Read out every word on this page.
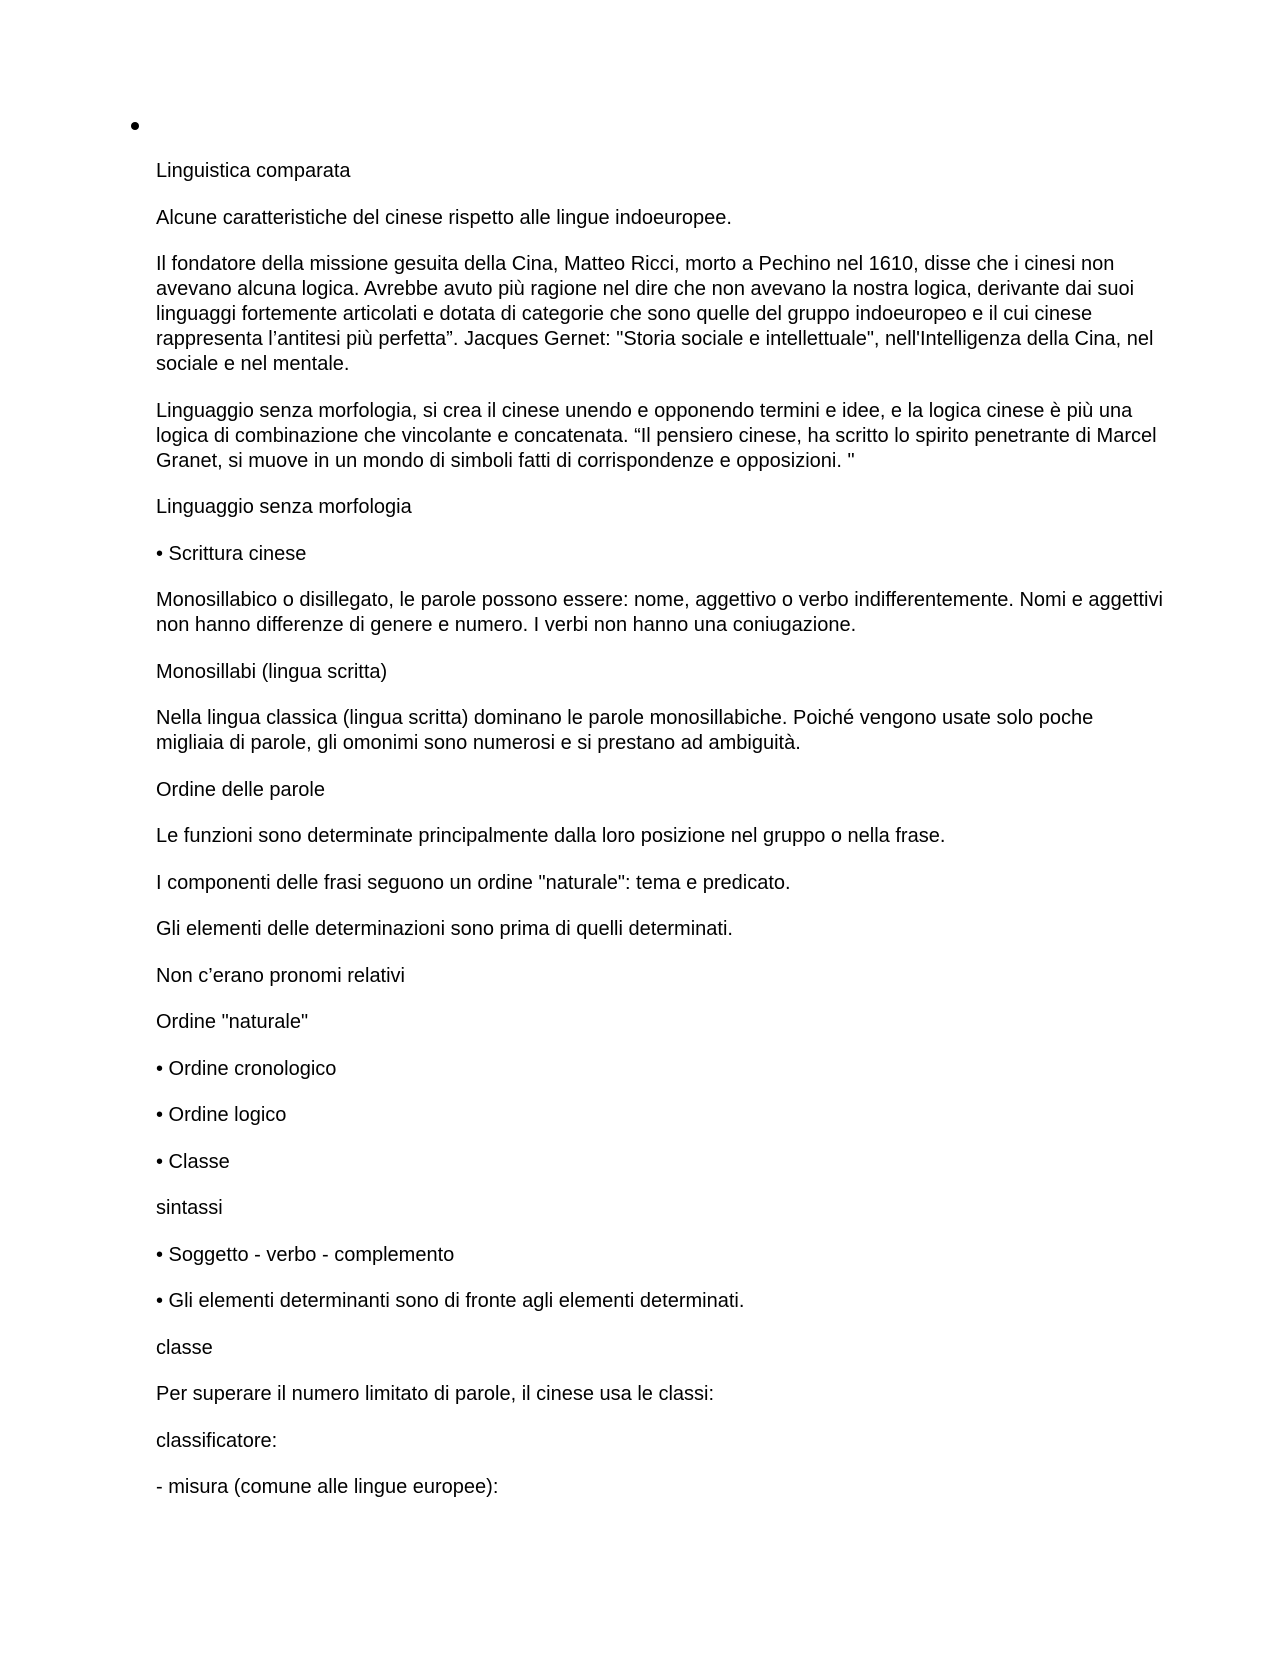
Linguistica comparata

Alcune caratteristiche del cinese rispetto alle lingue indoeuropee.

Il fondatore della missione gesuita della Cina, Matteo Ricci, morto a Pechino nel 1610, disse che i cinesi non avevano alcuna logica. Avrebbe avuto più ragione nel dire che non avevano la nostra logica, derivante dai suoi linguaggi fortemente articolati e dotata di categorie che sono quelle del gruppo indoeuropeo e il cui cinese rappresenta l’antitesi più perfetta”. Jacques Gernet: "Storia sociale e intellettuale", nell'Intelligenza della Cina, nel sociale e nel mentale.

Linguaggio senza morfologia, si crea il cinese unendo e opponendo termini e idee, e la logica cinese è più una logica di combinazione che vincolante e concatenata. “Il pensiero cinese, ha scritto lo spirito penetrante di Marcel Granet, si muove in un mondo di simboli fatti di corrispondenze e opposizioni. "

Linguaggio senza morfologia

• Scrittura cinese

Monosillabico o disillegato, le parole possono essere: nome, aggettivo o verbo indifferentemente. Nomi e aggettivi non hanno differenze di genere e numero. I verbi non hanno una coniugazione.

Monosillabi (lingua scritta)

Nella lingua classica (lingua scritta) dominano le parole monosillabiche. Poiché vengono usate solo poche migliaia di parole, gli omonimi sono numerosi e si prestano ad ambiguità.

Ordine delle parole

Le funzioni sono determinate principalmente dalla loro posizione nel gruppo o nella frase.

I componenti delle frasi seguono un ordine "naturale": tema e predicato.

Gli elementi delle determinazioni sono prima di quelli determinati.

Non c’erano pronomi relativi

Ordine "naturale"

• Ordine cronologico

• Ordine logico

• Classe

sintassi

• Soggetto - verbo - complemento

• Gli elementi determinanti sono di fronte agli elementi determinati.

classe

Per superare il numero limitato di parole, il cinese usa le classi:

classificatore:

- misura (comune alle lingue europee):
